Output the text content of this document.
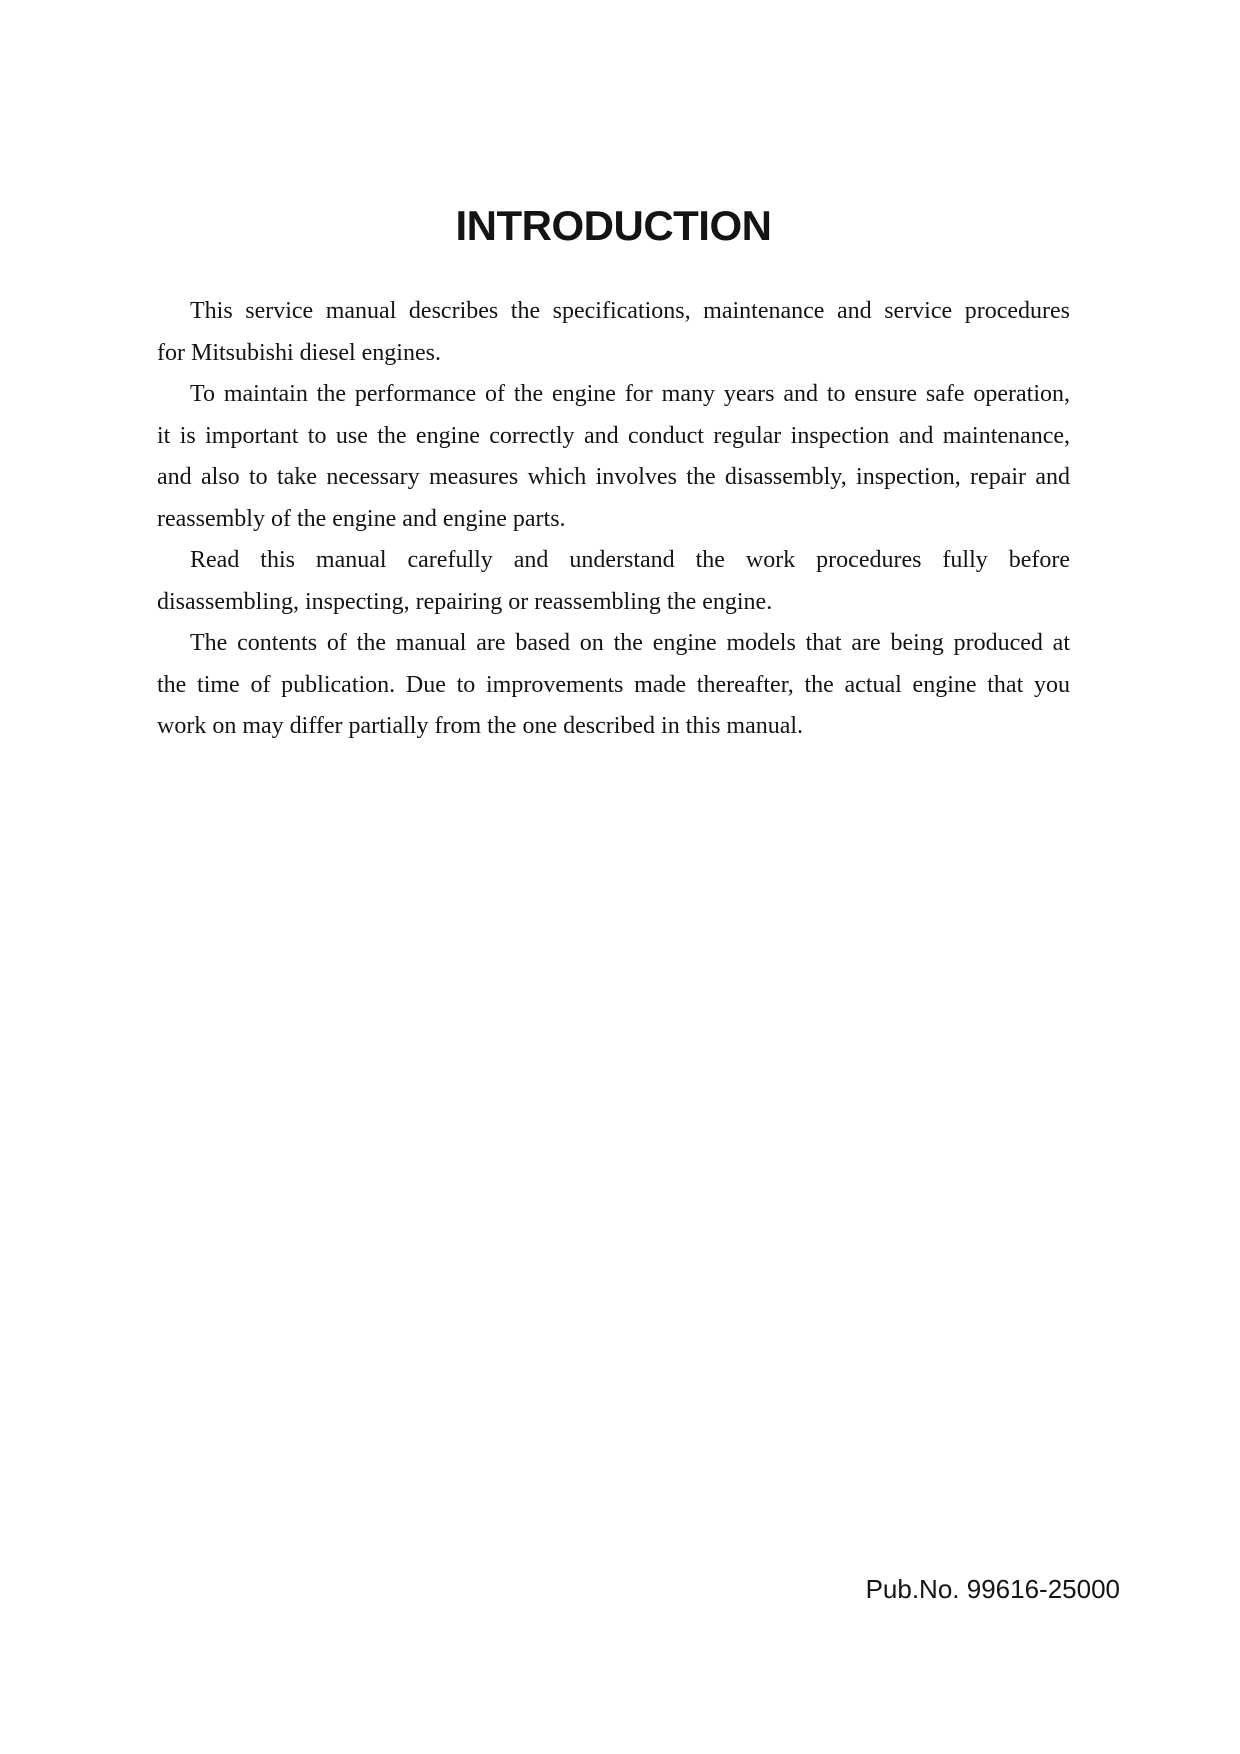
INTRODUCTION
This service manual describes the specifications, maintenance and service procedures
for Mitsubishi diesel engines.
To maintain the performance of the engine for many years and to ensure safe operation,
it is important to use the engine correctly and conduct regular inspection and maintenance,
and also to take necessary measures which involves the disassembly, inspection, repair and
reassembly of the engine and engine parts.
Read this manual carefully and understand the work procedures fully before
disassembling, inspecting, repairing or reassembling the engine.
The contents of the manual are based on the engine models that are being produced at
the time of publication. Due to improvements made thereafter, the actual engine that you
work on may differ partially from the one described in this manual.
Pub.No. 99616-25000
